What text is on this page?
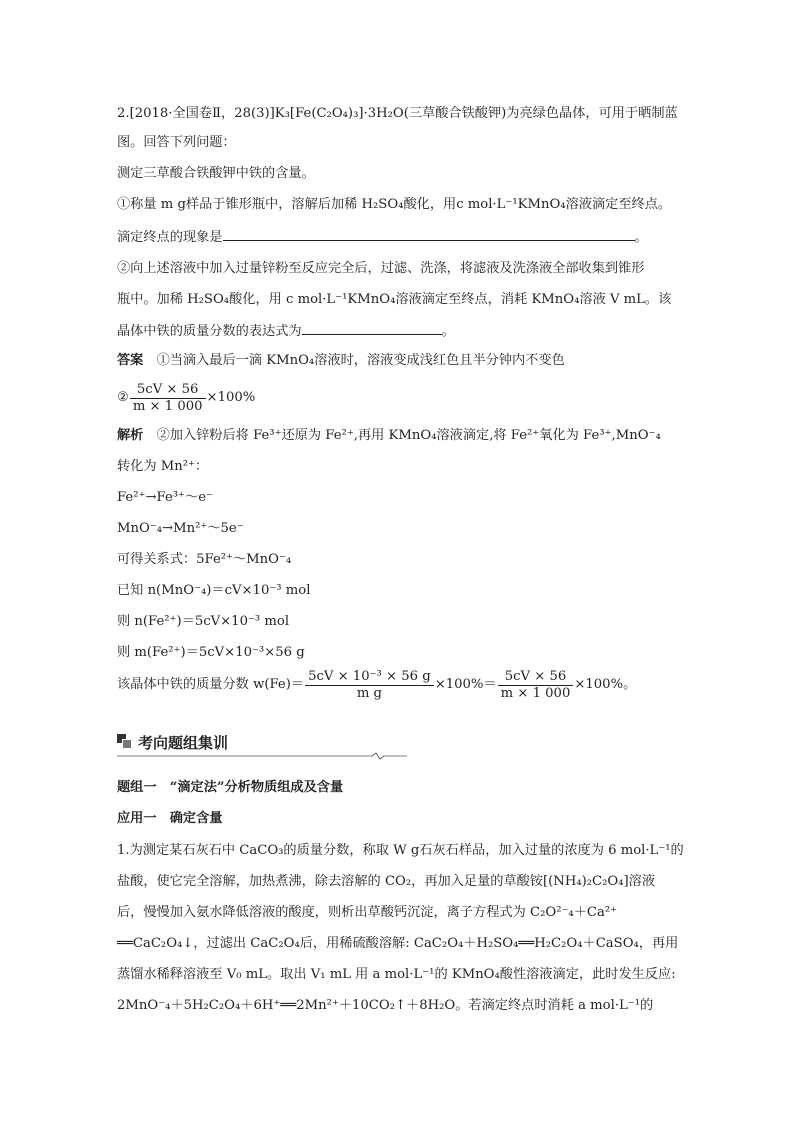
2.[2018·全国卷Ⅱ，28(3)]K₃[Fe(C₂O₄)₃]·3H₂O(三草酸合铁酸钾)为亮绿色晶体，可用于晒制蓝
图。回答下列问题：
测定三草酸合铁酸钾中铁的含量。
①称量 m g样品于锥形瓶中，溶解后加稀 H₂SO₄酸化，用c mol·L⁻¹KMnO₄溶液滴定至终点。
滴定终点的现象是	。
②向上述溶液中加入过量锌粉至反应完全后，过滤、洗涤，将滤液及洗涤液全部收集到锥形
瓶中。加稀 H₂SO₄酸化，用 c mol·L⁻¹KMnO₄溶液滴定至终点，消耗 KMnO₄溶液 V mL。该
晶体中铁的质量分数的表达式为	。
答案　 ①当滴入最后一滴 KMnO₄溶液时，溶液变成浅红色且半分钟内不变色
② $\frac{5cV \times 56}{m \times 1 000} \times 100\%$
解析　 ②加入锌粉后将 Fe³⁺还原为 Fe²⁺,再用 KMnO₄溶液滴定,将 Fe²⁺氧化为 Fe³⁺,MnO⁻₄
转化为 Mn²⁺：
Fe²⁺→Fe³⁺～e⁻
MnO⁻₄→Mn²⁺～5e⁻
可得关系式：5Fe²⁺～MnO⁻₄
已知 n(MnO⁻₄)＝cV×10⁻³ mol
则 n(Fe²⁺)＝5cV×10⁻³ mol
则 m(Fe²⁺)＝5cV×10⁻³×56 g
该晶体中铁的质量分数 $w(Fe)= \frac{\text{5cV × 10⁻³ × 56 g}}{\text{m g}} \times 100\%= \frac{5cV \times 56}{m \times 1 000} \times 100\%$。
考向题组集训
题组一　“滴定法”分析物质组成及含量
应用一　确定含量
1.为测定某石灰石中 CaCO₃的质量分数，称取 W g石灰石样品，加入过量的浓度为 6 mol·L⁻¹的
盐酸，使它完全溶解，加热煮沸，除去溶解的 CO₂，再加入足量的草酸铵[(NH₄)₂C₂O₄]溶液
后，慢慢加入氨水降低溶液的酸度，则析出草酸钙沉淀，离子方程式为 C₂O²⁻₄＋Ca²⁺
══CaC₂O₄↓，过滤出 CaC₂O₄后，用稀硫酸溶解: CaC₂O₄＋H₂SO₄══H₂C₂O₄＋CaSO₄，再用
蒸馏水稀释溶液至 V₀ mL。取出 V₁ mL 用 a mol·L⁻¹的 KMnO₄酸性溶液滴定，此时发生反应:
2MnO⁻₄＋5H₂C₂O₄＋6H⁺══2Mn²⁺＋10CO₂↑＋8H₂O。若滴定终点时消耗 a mol·L⁻¹的
